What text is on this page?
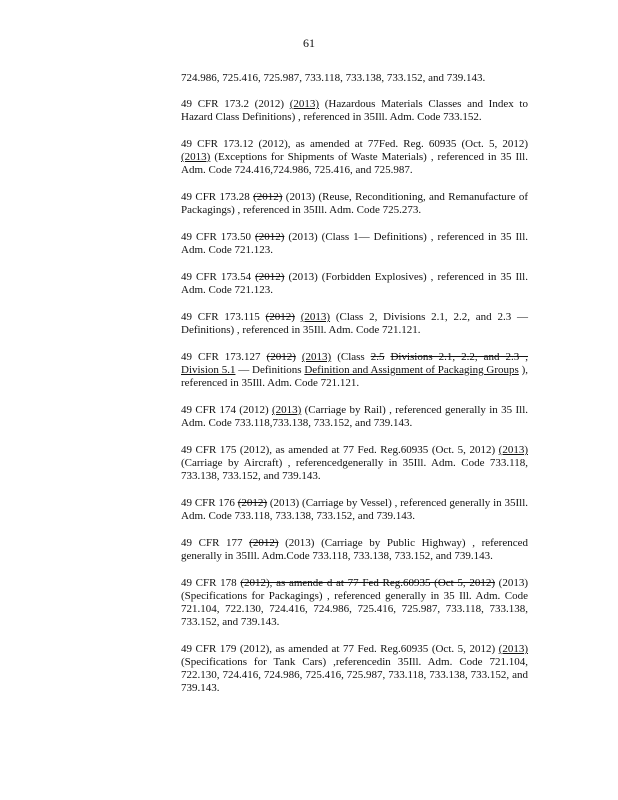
61

724.986, 725.416, 725.987, 733.118, 733.138, 733.152, and 739.143.

49 CFR 173.2 (2012) (2013) (Hazardous Materials Classes and Index to Hazard Class Definitions) , referenced in 35Ill. Adm. Code 733.152.

49 CFR 173.12 (2012), as amended at 77Fed. Reg. 60935 (Oct. 5, 2012) (2013) (Exceptions for Shipments of Waste Materials) , referenced in 35 Ill. Adm. Code 724.416,724.986, 725.416, and 725.987.

49 CFR 173.28 (2012) (2013) (Reuse, Reconditioning, and Remanufacture of Packagings) , referenced in 35Ill. Adm. Code 725.273.

49 CFR 173.50 (2012) (2013) (Class 1— Definitions) , referenced in 35 Ill. Adm. Code 721.123.

49 CFR 173.54 (2012) (2013) (Forbidden Explosives) , referenced in 35 Ill. Adm. Code 721.123.

49 CFR 173.115 (2012) (2013) (Class 2, Divisions 2.1, 2.2, and 2.3 — Definitions) , referenced in 35Ill. Adm. Code 721.121.

49 CFR 173.127 (2012) (2013) (Class 2.5 Divisions 2.1, 2.2, and 2.3 , Division 5.1 — Definitions Definition and Assignment of Packaging Groups ), referenced in 35Ill. Adm. Code 721.121.

49 CFR 174 (2012) (2013) (Carriage by Rail) , referenced generally in 35 Ill. Adm. Code 733.118,733.138, 733.152, and 739.143.

49 CFR 175 (2012), as amended at 77 Fed. Reg.60935 (Oct. 5, 2012) (2013) (Carriage by Aircraft) , referencedgenerally in 35Ill. Adm. Code 733.118, 733.138, 733.152, and 739.143.

49 CFR 176 (2012) (2013) (Carriage by Vessel) , referenced generally in 35Ill. Adm. Code 733.118, 733.138, 733.152, and 739.143.

49 CFR 177 (2012) (2013) (Carriage by Public Highway) , referenced generally in 35Ill. Adm.Code 733.118, 733.138, 733.152, and 739.143.

49 CFR 178 (2012), as amende d at 77 Fed Reg.60935 (Oct 5, 2012) (2013) (Specifications for Packagings) , referenced generally in 35 Ill. Adm. Code 721.104, 722.130, 724.416, 724.986, 725.416, 725.987, 733.118, 733.138, 733.152, and 739.143.

49 CFR 179 (2012), as amended at 77 Fed. Reg.60935 (Oct. 5, 2012) (2013) (Specifications for Tank Cars) ,referencedin 35Ill. Adm. Code 721.104, 722.130, 724.416, 724.986, 725.416, 725.987, 733.118, 733.138, 733.152, and 739.143.
